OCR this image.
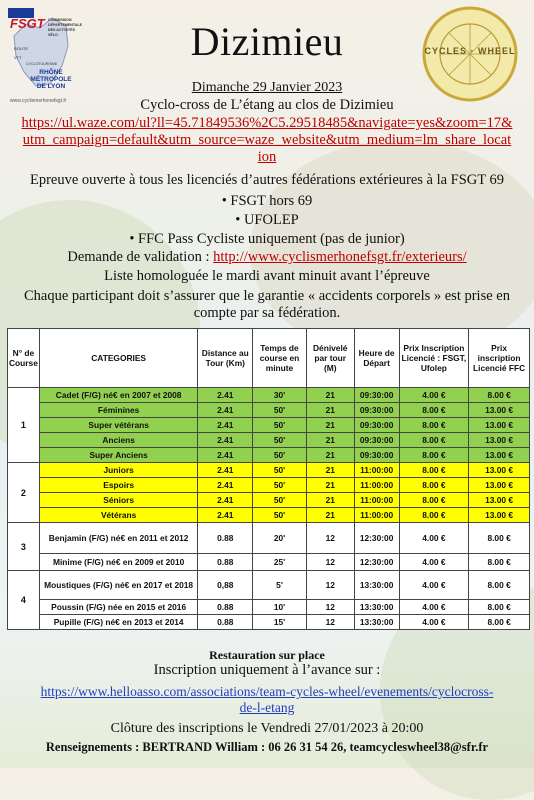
FSGT
ROUTE
VTT
COMMISSION
DÉPARTEMENTALE
DES ACTIVITÉS
VÉLO
CYCLOTOURISME
RHÔNE
MÉTROPOLE
DE LYON
www.cyclismerhonefsgt.fr
CYCLES · WHEEL
Dizimieu
Dimanche 29 Janvier 2023
Cyclo-cross de L’étang au clos de Dizimieu
https://ul.waze.com/ul?ll=45.71849536%2C5.29518485&navigate=yes&zoom=17&
utm_campaign=default&utm_source=waze_website&utm_medium=lm_share_locat
ion
Epreuve ouverte à tous les licenciés d’autres fédérations extérieures à la FSGT 69
• FSGT hors 69
• UFOLEP
• FFC Pass Cycliste uniquement (pas de junior)
Demande de validation : http://www.cyclismerhonefsgt.fr/exterieurs/
Liste homologuée le mardi avant minuit avant l’épreuve
Chaque participant doit s’assurer que le garantie « accidents corporels » est prise en
compte par sa fédération.
N° de Course	CATEGORIES	Distance au Tour (Km)	Temps de course en minute	Dénivelé par tour (M)	Heure de Départ	Prix Inscription Licencié : FSGT, Ufolep	Prix inscription Licencié FFC
1	Cadet (F/G) né€ en 2007 et 2008	2.41	30'	21	09:30:00	4.00 €	8.00 €
	Féminines	2.41	50'	21	09:30:00	8.00 €	13.00 €
	Super vétérans	2.41	50'	21	09:30:00	8.00 €	13.00 €
	Anciens	2.41	50'	21	09:30:00	8.00 €	13.00 €
	Super Anciens	2.41	50'	21	09:30:00	8.00 €	13.00 €
2	Juniors	2.41	50'	21	11:00:00	8.00 €	13.00 €
	Espoirs	2.41	50'	21	11:00:00	8.00 €	13.00 €
	Séniors	2.41	50'	21	11:00:00	8.00 €	13.00 €
	Vétérans	2.41	50'	21	11:00:00	8.00 €	13.00 €
3	Benjamin (F/G) né€ en 2011 et 2012	0.88	20'	12	12:30:00	4.00 €	8.00 €
	Minime (F/G) né€ en 2009 et 2010	0.88	25'	12	12:30:00	4.00 €	8.00 €
4	Moustiques (F/G) né€ en 2017 et 2018	0,88	5'	12	13:30:00	4.00 €	8.00 €
	Poussin (F/G) née en 2015 et 2016	0.88	10'	12	13:30:00	4.00 €	8.00 €
	Pupille (F/G) né€ en 2013 et 2014	0.88	15'	12	13:30:00	4.00 €	8.00 €
Restauration sur place
Inscription uniquement à l’avance sur :
https://www.helloasso.com/associations/team-cycles-wheel/evenements/cyclocross-
de-l-etang
Clôture des inscriptions le Vendredi 27/01/2023 à 20:00
Renseignements : BERTRAND William : 06 26 31 54 26, teamcycleswheel38@sfr.fr
